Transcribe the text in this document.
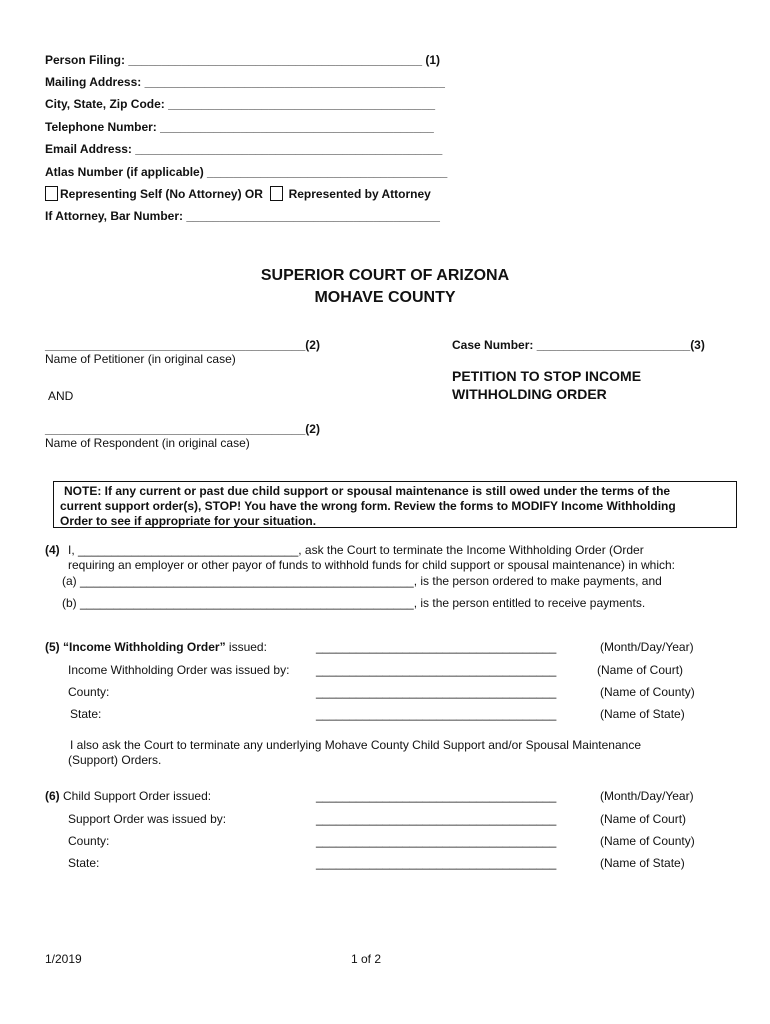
Person Filing: ____________________________________________ (1)
Mailing Address: _____________________________________________
City, State, Zip Code: ________________________________________
Telephone Number: _________________________________________
Email Address: ______________________________________________
Atlas Number (if applicable) ____________________________________
Representing Self (No Attorney) OR Represented by Attorney
If Attorney, Bar Number: ______________________________________
SUPERIOR COURT OF ARIZONA
MOHAVE COUNTY
_______________________________________(2)
Name of Petitioner (in original case)
AND
_______________________________________(2)
Name of Respondent (in original case)
Case Number: _______________________(3)
PETITION TO STOP INCOME
WITHHOLDING ORDER
NOTE: If any current or past due child support or spousal maintenance is still owed under the terms of the
current support order(s), STOP! You have the wrong form. Review the forms to MODIFY Income Withholding
Order to see if appropriate for your situation.
(4) I, _________________________________, ask the Court to terminate the Income Withholding Order (Order
requiring an employer or other payor of funds to withhold funds for child support or spousal maintenance) in which:
(a) __________________________________________________, is the person ordered to make payments, and
(b) __________________________________________________, is the person entitled to receive payments.
(5) “Income Withholding Order” issued:	____________________________________	(Month/Day/Year)
Income Withholding Order was issued by: ____________________________________	(Name of Court)
County:	____________________________________	(Name of County)
State:	____________________________________	(Name of State)
I also ask the Court to terminate any underlying Mohave County Child Support and/or Spousal Maintenance
(Support) Orders.
(6) Child Support Order issued:	____________________________________	(Month/Day/Year)
Support Order was issued by:	____________________________________	(Name of Court)
County:	____________________________________	(Name of County)
State:	____________________________________	(Name of State)
1/2019	1 of 2
